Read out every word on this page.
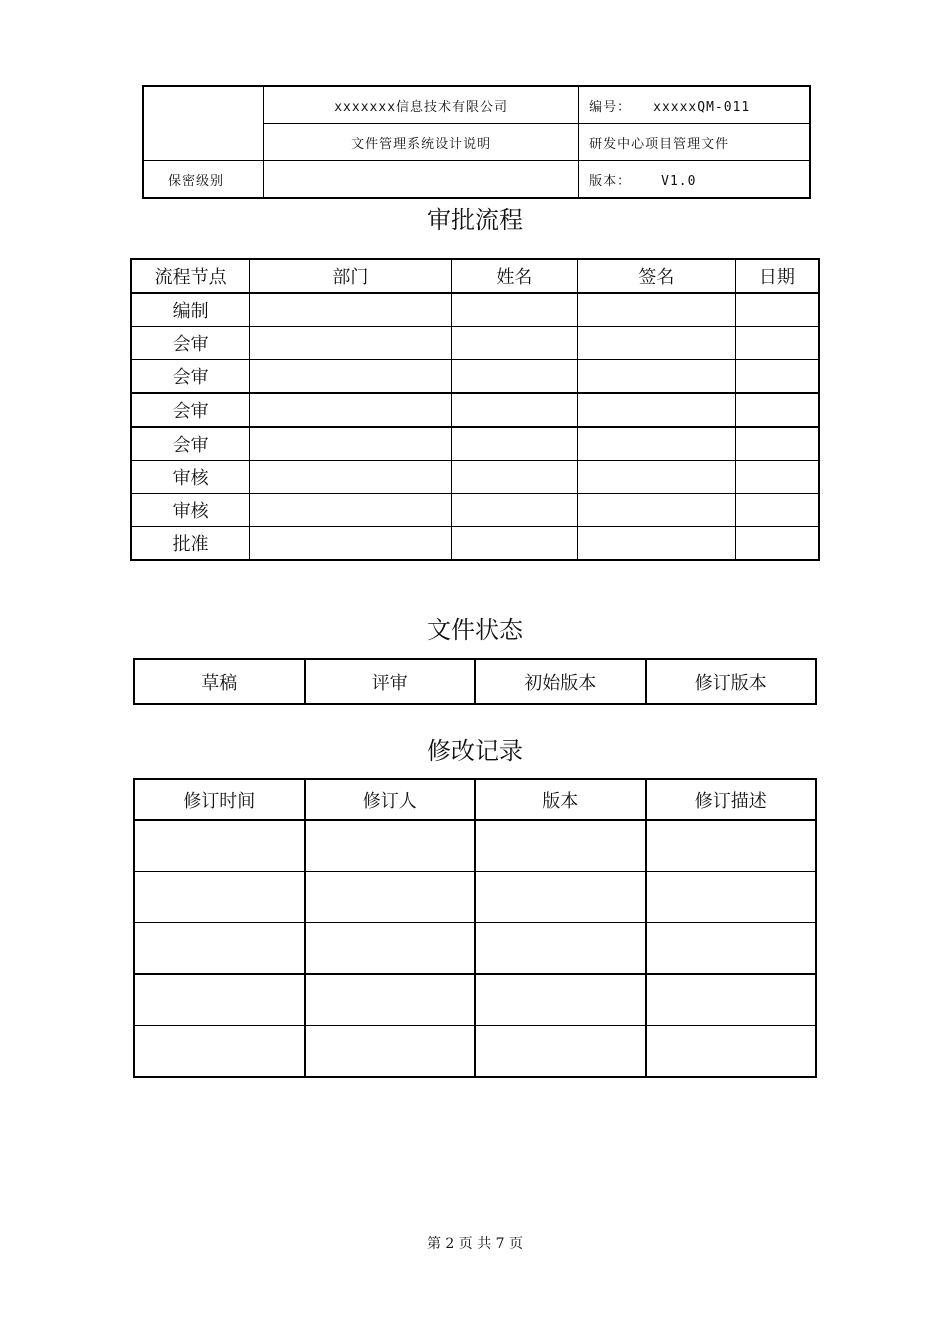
	xxxxxxx信息技术有限公司	编号： xxxxxQM-011
	文件管理系统设计说明	研发中心项目管理文件
保密级别		版本： V1.0
审批流程
流程节点	部门	姓名	签名	日期
编制				
会审				
会审				
会审				
会审				
审核				
审核				
批准				
文件状态
草稿	评审	初始版本	修订版本
修改记录
修订时间	修订人	版本	修订描述

第 2 页 共 7 页
